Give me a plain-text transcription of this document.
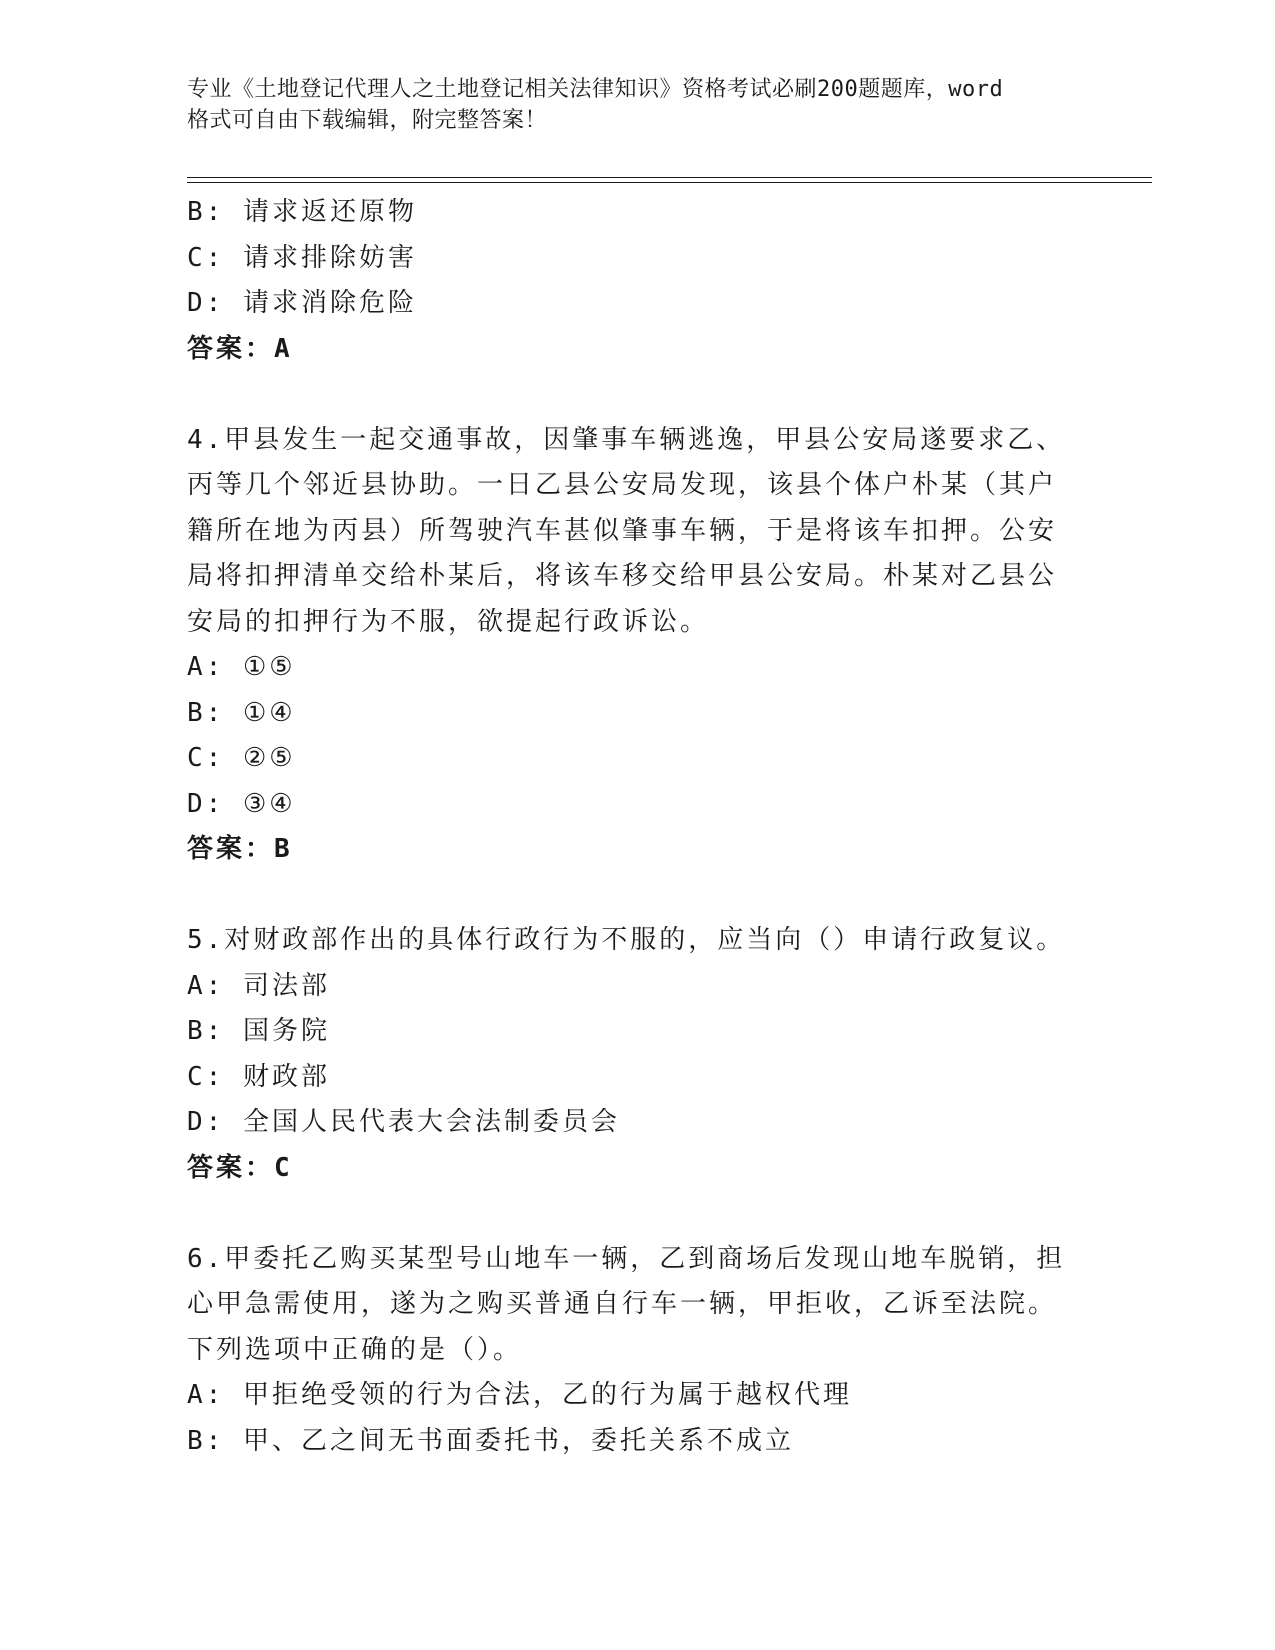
专业《土地登记代理人之土地登记相关法律知识》资格考试必刷200题题库，word
格式可自由下载编辑，附完整答案！
B: 请求返还原物
C: 请求排除妨害
D: 请求消除危险
答案：A
4.甲县发生一起交通事故，因肇事车辆逃逸，甲县公安局遂要求乙、
丙等几个邻近县协助。一日乙县公安局发现，该县个体户朴某（其户
籍所在地为丙县）所驾驶汽车甚似肇事车辆，于是将该车扣押。公安
局将扣押清单交给朴某后，将该车移交给甲县公安局。朴某对乙县公
安局的扣押行为不服，欲提起行政诉讼。
A: ①⑤
B: ①④
C: ②⑤
D: ③④
答案：B
5.对财政部作出的具体行政行为不服的，应当向（）申请行政复议。
A: 司法部
B: 国务院
C: 财政部
D: 全国人民代表大会法制委员会
答案：C
6.甲委托乙购买某型号山地车一辆，乙到商场后发现山地车脱销，担
心甲急需使用，遂为之购买普通自行车一辆，甲拒收，乙诉至法院。
下列选项中正确的是（）。
A: 甲拒绝受领的行为合法，乙的行为属于越权代理
B: 甲、乙之间无书面委托书，委托关系不成立
